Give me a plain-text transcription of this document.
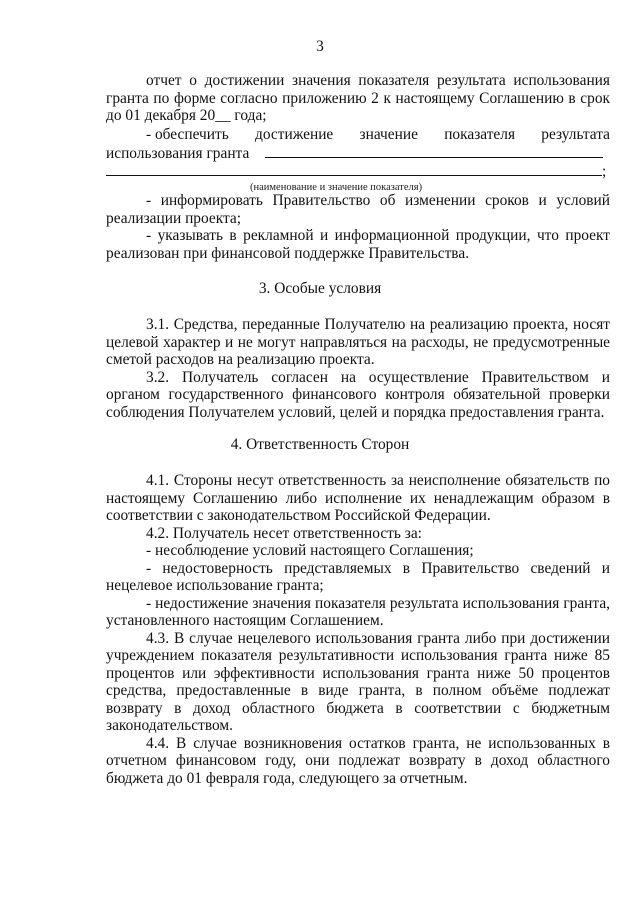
3

отчет о достижении значения показателя результата использования

гранта по форме согласно приложению 2 к настоящему Соглашению в срок

до 01 декабря 20__ года;

- обеспечить достижение значение показателя результата
использования гранта
;
(наименование и значение показателя)

- информировать Правительство об изменении сроков и условий реализации проекта;

- указывать в рекламной и информационной продукции, что проект реализован при финансовой поддержке Правительства.

3. Особые условия

3.1. Средства, переданные Получателю на реализацию проекта, носят целевой характер и не могут направляться на расходы, не предусмотренные сметой расходов на реализацию проекта.

3.2. Получатель согласен на осуществление Правительством и органом государственного финансового контроля обязательной проверки соблюдения Получателем условий, целей и порядка предоставления гранта.

4. Ответственность Сторон

4.1. Стороны несут ответственность за неисполнение обязательств по настоящему Соглашению либо исполнение их ненадлежащим образом в соответствии с законодательством Российской Федерации.

4.2. Получатель несет ответственность за:

- несоблюдение условий настоящего Соглашения;

- недостоверность представляемых в Правительство сведений и нецелевое использование гранта;

- недостижение значения показателя результата использования гранта, установленного настоящим Соглашением.

4.3. В случае нецелевого использования гранта либо при достижении учреждением показателя результативности использования гранта ниже 85 процентов или эффективности использования гранта ниже 50 процентов средства, предоставленные в виде гранта, в полном объёме подлежат возврату в доход областного бюджета в соответствии с бюджетным законодательством.

4.4. В случае возникновения остатков гранта, не использованных в отчетном финансовом году, они подлежат возврату в доход областного бюджета до 01 февраля года, следующего за отчетным.
